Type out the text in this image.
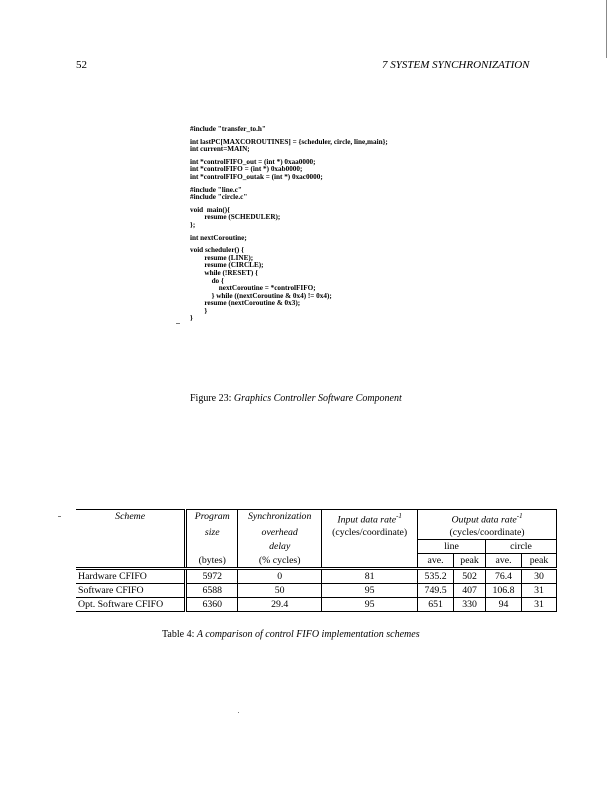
52	7 SYSTEM SYNCHRONIZATION
#include "transfer_to.h"
int lastPC[MAXCOROUTINES] = {scheduler, circle, line,main};
int current=MAIN;
int *controlFIFO_out = (int *) 0xaa0000;
int *controlFIFO = (int *) 0xab0000;
int *controlFIFO_outak = (int *) 0xac0000;
#include "line.c"
#include "circle.c"
void  main(){
resume (SCHEDULER);
};
int nextCoroutine;
void scheduler() {
resume (LINE);
resume (CIRCLE);
while (!RESET) {
do {
nextCoroutine = *controlFIFO;
} while ((nextCoroutine & 0x4) != 0x4);
resume (nextCoroutine & 0x3);
}
}
Figure 23: Graphics Controller Software Component
Scheme	Program	Synchronization	Input data rate$^{-1}$	Output data rate$^{-1}$
	size	overhead	(cycles/coordinate)	(cycles/coordinate)			
		delay		line		circle	
	(bytes)	(% cycles)		ave.	peak	ave.	peak
Hardware CFIFO	5972	0	81	535.2	502	76.4	30
Software CFIFO	6588	50	95	749.5	407	106.8	31
Opt. Software CFIFO	6360	29.4	95	651	330	94	31
Table 4: A comparison of control FIFO implementation schemes
